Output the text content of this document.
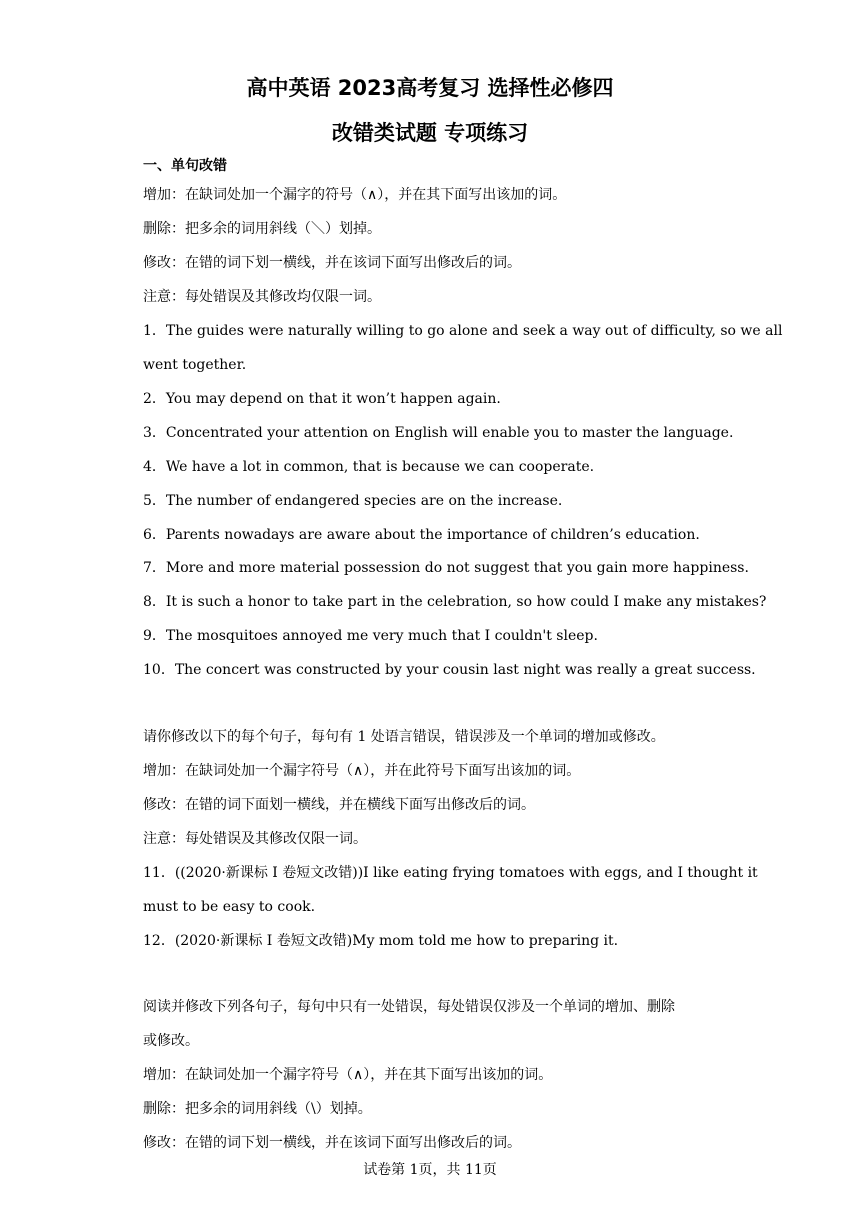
高中英语 2023高考复习 选择性必修四
改错类试题 专项练习
一、单句改错
增加：在缺词处加一个漏字的符号（∧），并在其下面写出该加的词。
删除：把多余的词用斜线（＼）划掉。
修改：在错的词下划一横线，并在该词下面写出修改后的词。
注意：每处错误及其修改均仅限一词。
1．The guides were naturally willing to go alone and seek a way out of difficulty, so we all
went together.
2．You may depend on that it won’t happen again.
3．Concentrated your attention on English will enable you to master the language.
4．We have a lot in common, that is because we can cooperate.
5．The number of endangered species are on the increase.
6．Parents nowadays are aware about the importance of children’s education.
7．More and more material possession do not suggest that you gain more happiness.
8．It is such a honor to take part in the celebration, so how could I make any mistakes?
9．The mosquitoes annoyed me very much that I couldn't sleep.
10．The concert was constructed by your cousin last night was really a great success.
请你修改以下的每个句子，每句有 1 处语言错误，错误涉及一个单词的增加或修改。
增加：在缺词处加一个漏字符号（∧），并在此符号下面写出该加的词。
修改：在错的词下面划一横线，并在横线下面写出修改后的词。
注意：每处错误及其修改仅限一词。
11．((2020·新课标 I 卷短文改错))I like eating frying tomatoes with eggs, and I thought it
must to be easy to cook.
12．(2020·新课标 I 卷短文改错)My mom told me how to preparing it.
阅读并修改下列各句子，每句中只有一处错误，每处错误仅涉及一个单词的增加、删除
或修改。
增加：在缺词处加一个漏字符号（∧），并在其下面写出该加的词。
删除：把多余的词用斜线（\）划掉。
修改：在错的词下划一横线，并在该词下面写出修改后的词。
试卷第 1页，共 11页
